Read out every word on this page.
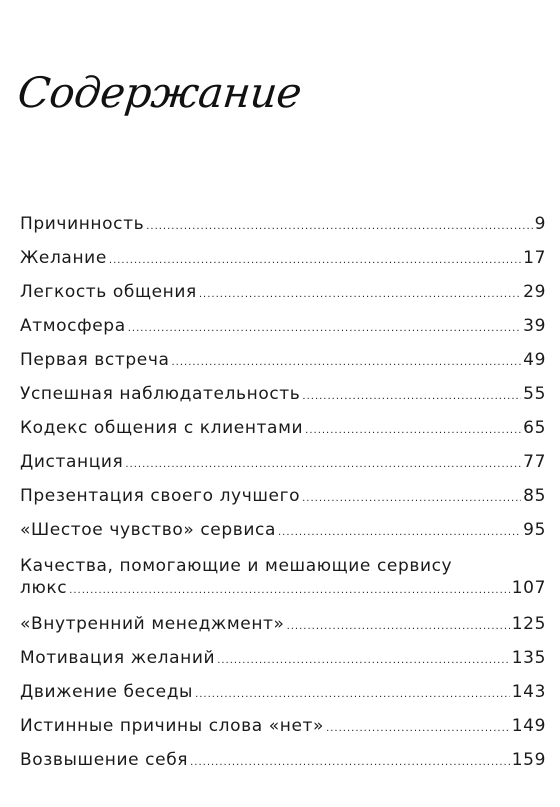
Содержание
Причинность .....	9
Желание .....	17
Легкость общения .....	29
Атмосфера .....	39
Первая встреча .....	49
Успешная наблюдательность .....	55
Кодекс общения с клиентами .....	65
Дистанция .....	77
Презентация своего лучшего .....	85
«Шестое чувство» сервиса .....	95
Качества, помогающие и мешающие сервису
люкс .....	107
«Внутренний менеджмент» .....	125
Мотивация желаний .....	135
Движение беседы .....	143
Истинные причины слова «нет» .....	149
Возвышение себя .....	159
